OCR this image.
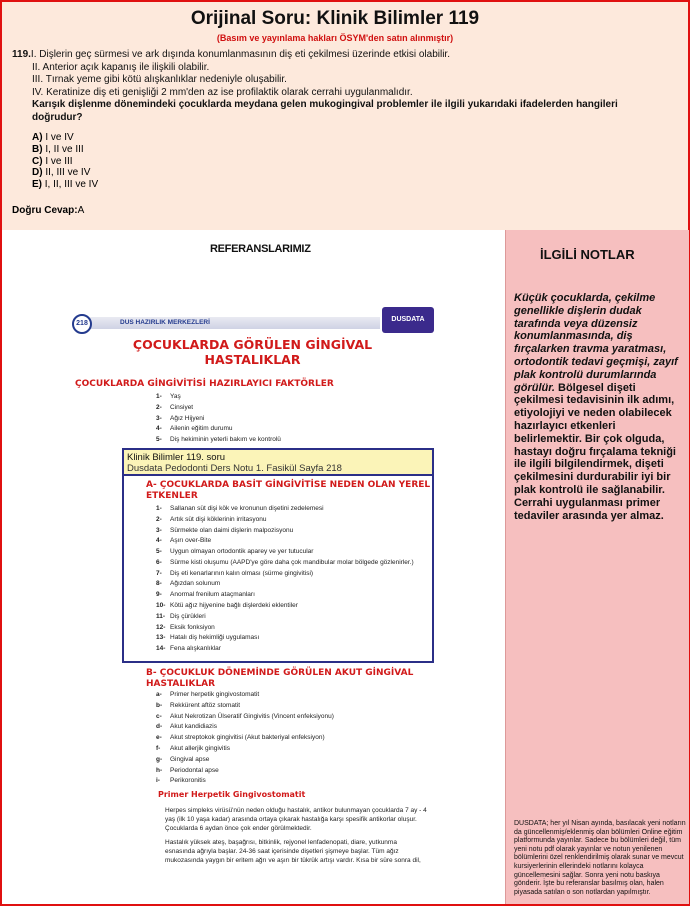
Orijinal Soru: Klinik Bilimler 119
(Basım ve yayınlama hakları ÖSYM'den satın alınmıştır)
119.I. Dişlerin geç sürmesi ve ark dışında konumlanmasının diş eti çekilmesi üzerinde etkisi olabilir.
II. Anterior açık kapanış ile ilişkili olabilir.
III. Tırnak yeme gibi kötü alışkanlıklar nedeniyle oluşabilir.
IV. Keratinize diş eti genişliği 2 mm'den az ise profilaktik olarak cerrahi uygulanmalıdır.
Karışık dişlenme dönemindeki çocuklarda meydana gelen mukogingival problemler ile ilgili yukarıdaki ifadelerden hangileri doğrudur?
A) I ve IV
B) I, II ve III
C) I ve III
D) II, III ve IV
E) I, II, III ve IV
Doğru Cevap:A
REFERANSLARIMIZ
DUS HAZIRLIK MERKEZLERİ
218
DUSDATA
ÇOCUKLARDA GÖRÜLEN GİNGİVAL
HASTALIKLAR
ÇOCUKLARDA GİNGİVİTİSİ HAZIRLAYICI FAKTÖRLER
1- Yaş
2- Cinsiyet
3- Ağız Hijyeni
4- Ailenin eğitim durumu
5- Diş hekiminin yeterli bakım ve kontrolü
Klinik Bilimler 119. soru
Dusdata Pedodonti Ders Notu 1. Fasikül Sayfa 218
A- ÇOCUKLARDA BASİT GİNGİVİTİSE NEDEN OLAN YEREL
ETKENLER
1- Sallanan süt dişi kök ve kronunun dişetini zedelemesi
2- Artık süt dişi köklerinin irritasyonu
3- Sürmekte olan daimi dişlerin malpozisyonu
4- Aşırı over-Bite
5- Uygun olmayan ortodontik aparey ve yer tutucular
6- Sürme kisti oluşumu (AAPD'ye göre daha çok mandibular molar bölgede gözlenirler.)
7- Diş eti kenarlarının kalın olması (sürme gingivitisi)
8- Ağızdan solunum
9- Anormal frenilum ataçmanları
10- Kötü ağız hijyenine bağlı dişlerdeki eklentiler
11- Diş çürükleri
12- Eksik fonksiyon
13- Hatalı diş hekimliği uygulaması
14- Fena alışkanlıklar
B- ÇOCUKLUK DÖNEMİNDE GÖRÜLEN AKUT GİNGİVAL
HASTALIKLAR
a- Primer herpetik gingivostomatit
b- Rekkürent aftöz stomatit
c- Akut Nekrotizan Ülseratif Gingivitis (Vincent enfeksiyonu)
d- Akut kandidiazis
e- Akut streptokok gingivitisi (Akut bakteriyal enfeksiyon)
f- Akut allerjik gingivitis
g- Gingival apse
h- Periodontal apse
i- Perikoronitis
Primer Herpetik Gingivostomatit
Herpes simpleks virüsü'nün neden olduğu hastalık, antikor bulunmayan çocuklarda 7 ay - 4 yaş (ilk 10 yaşa kadar) arasında ortaya çıkarak hastalığa karşı spesifik antikorlar oluşur. Çocuklarda 6 aydan önce çok ender görülmektedir.
Hastalık yüksek ateş, başağrısı, bitkinlik, rejyonel lenfadenopati, diare, yutkunma esnasında ağrıyla başlar. 24-36 saat içerisinde dişetleri şişmeye başlar. Tüm ağız mukozasında yaygın bir eritem ağrı ve aşırı bir tükrük artışı vardır. Kısa bir süre sonra dil,
İLGİLİ NOTLAR
Küçük çocuklarda, çekilme genellikle dişlerin dudak tarafında veya düzensiz konumlanmasında, diş fırçalarken travma yaratması, ortodontik tedavi geçmişi, zayıf plak kontrolü durumlarında görülür. Bölgesel dişeti çekilmesi tedavisinin ilk adımı, etiyolojiyi ve neden olabilecek hazırlayıcı etkenleri belirlemektir. Bir çok olguda, hastayı doğru fırçalama tekniği ile ilgili bilgilendirmek, dişeti çekilmesini durdurabilir iyi bir plak kontrolü ile sağlanabilir. Cerrahi uygulanması primer tedaviler arasında yer almaz.
DUSDATA; her yıl Nisan ayında, basılacak yeni notların da güncellenmiş/eklenmiş olan bölümleri Online eğitim platformunda yayınlar. Sadece bu bölümleri değil, tüm yeni notu pdf olarak yayınlar ve notun yenilenen bölümlerini özel renklendirilmiş olarak sunar ve mevcut kursiyerlerinin ellerindeki notlarını kolayca güncellemesini sağlar. Sonra yeni notu baskıya gönderir. İşte bu referanslar basılmış olan, halen piyasada satılan o son notlardan yapılmıştır.
